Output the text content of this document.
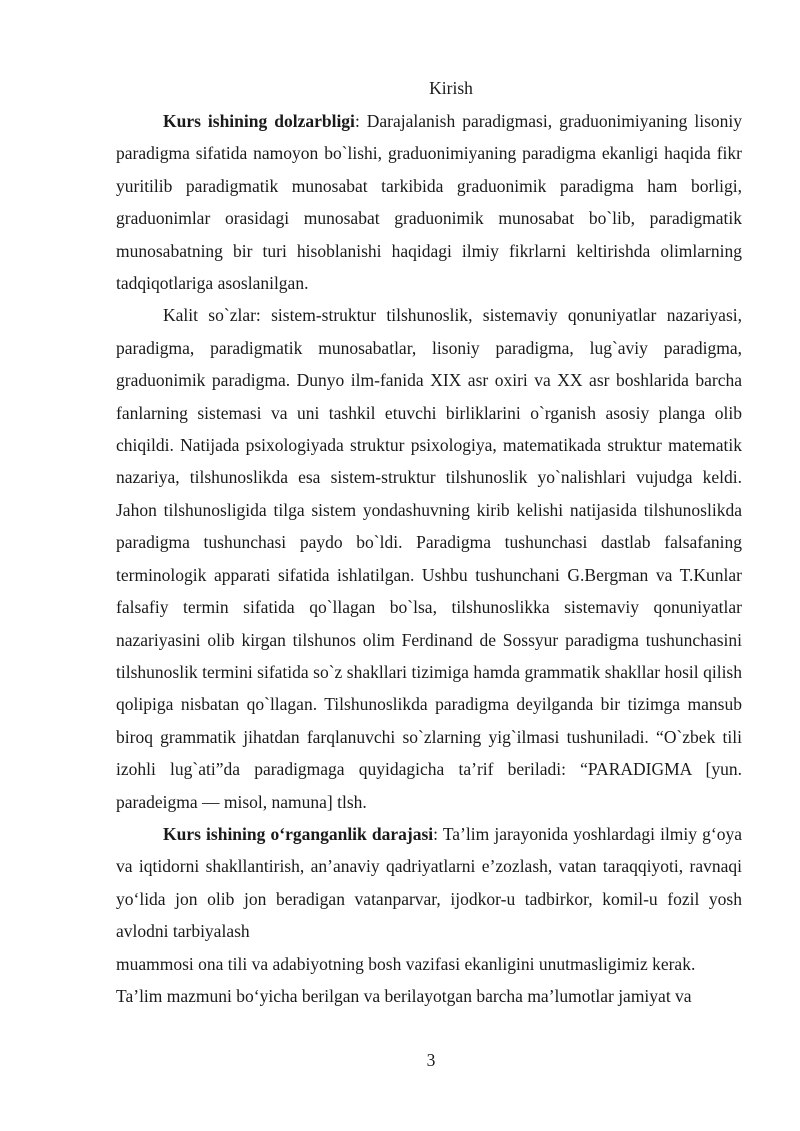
Kirish

Kurs ishining dolzarbligi: Darajalanish paradigmasi, graduonimiyaning lisoniy paradigma sifatida namoyon bo`lishi, graduonimiyaning paradigma ekanligi haqida fikr yuritilib paradigmatik munosabat tarkibida graduonimik paradigma ham borligi, graduonimlar orasidagi munosabat graduonimik munosabat bo`lib, paradigmatik munosabatning bir turi hisoblanishi haqidagi ilmiy fikrlarni keltirishda olimlarning tadqiqotlariga asoslanilgan.

Kalit so`zlar: sistem-struktur tilshunoslik, sistemaviy qonuniyatlar nazariyasi, paradigma, paradigmatik munosabatlar, lisoniy paradigma, lug`aviy paradigma, graduonimik paradigma. Dunyo ilm-fanida XIX asr oxiri va XX asr boshlarida barcha fanlarning sistemasi va uni tashkil etuvchi birliklarini o`rganish asosiy planga olib chiqildi. Natijada psixologiyada struktur psixologiya, matematikada struktur matematik nazariya, tilshunoslikda esa sistem-struktur tilshunoslik yo`nalishlari vujudga keldi. Jahon tilshunosligida tilga sistem yondashuvning kirib kelishi natijasida tilshunoslikda paradigma tushunchasi paydo bo`ldi. Paradigma tushunchasi dastlab falsafaning terminologik apparati sifatida ishlatilgan. Ushbu tushunchani G.Bergman va T.Kunlar falsafiy termin sifatida qo`llagan bo`lsa, tilshunoslikka sistemaviy qonuniyatlar nazariyasini olib kirgan tilshunos olim Ferdinand de Sossyur paradigma tushunchasini tilshunoslik termini sifatida so`z shakllari tizimiga hamda grammatik shakllar hosil qilish qolipiga nisbatan qo`llagan. Tilshunoslikda paradigma deyilganda bir tizimga mansub biroq grammatik jihatdan farqlanuvchi so`zlarning yig`ilmasi tushuniladi. “O`zbek tili izohli lug`ati”da paradigmaga quyidagicha ta’rif beriladi: “PARADIGMA [yun. paradeigma — misol, namuna] tlsh.

Kurs ishining o‘rganganlik darajasi: Ta’lim jarayonida yoshlardagi ilmiy g‘oya va iqtidorni shakllantirish, an’anaviy qadriyatlarni e’zozlash, vatan taraqqiyoti, ravnaqi yo‘lida jon olib jon beradigan vatanparvar, ijodkor-u tadbirkor, komil-u fozil yosh avlodni tarbiyalash

muammosi ona tili va adabiyotning bosh vazifasi ekanligini unutmasligimiz kerak.

Ta’lim mazmuni bo‘yicha berilgan va berilayotgan barcha ma’lumotlar jamiyat va

3
